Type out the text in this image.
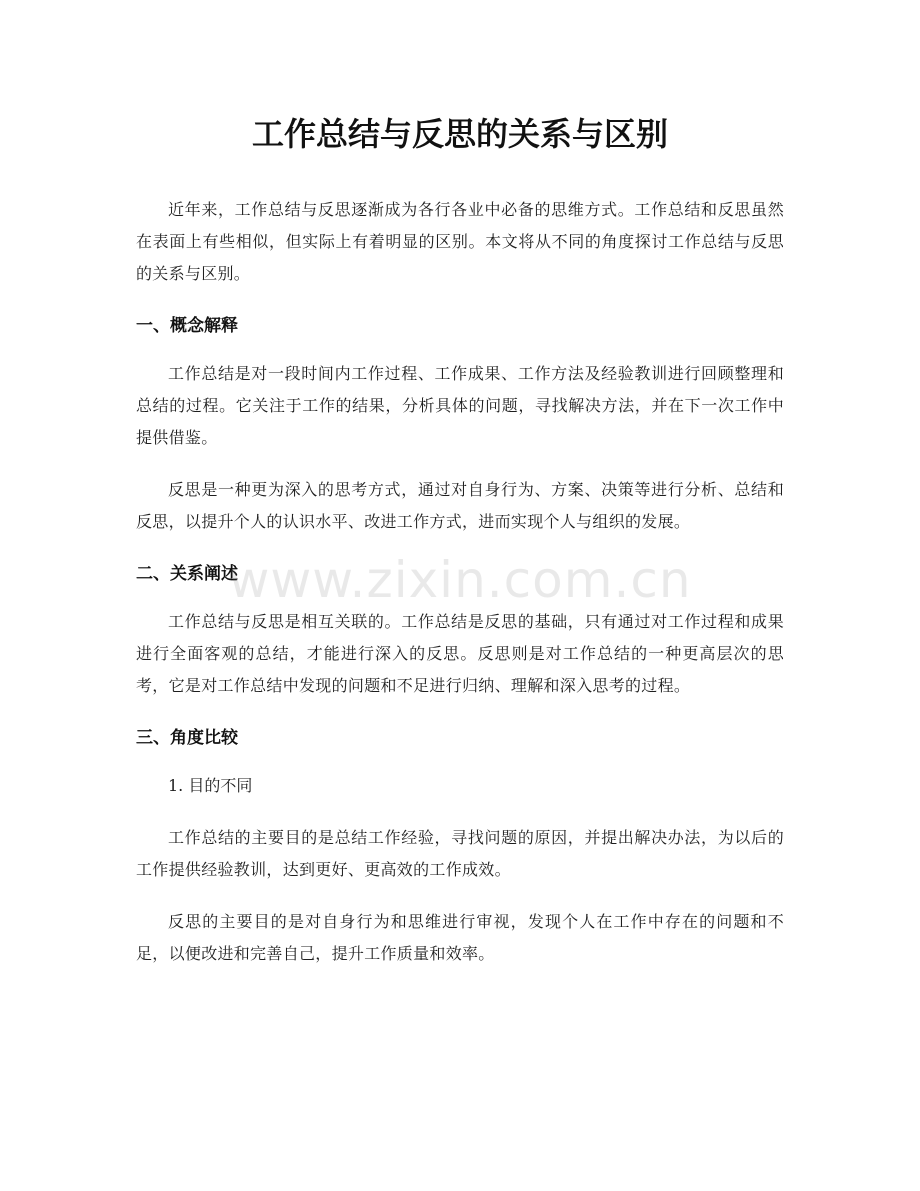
工作总结与反思的关系与区别

近年来，工作总结与反思逐渐成为各行各业中必备的思维方式。工作总结和反思虽然在表面上有些相似，但实际上有着明显的区别。本文将从不同的角度探讨工作总结与反思的关系与区别。

一、概念解释

工作总结是对一段时间内工作过程、工作成果、工作方法及经验教训进行回顾整理和总结的过程。它关注于工作的结果，分析具体的问题，寻找解决方法，并在下一次工作中提供借鉴。

反思是一种更为深入的思考方式，通过对自身行为、方案、决策等进行分析、总结和反思，以提升个人的认识水平、改进工作方式，进而实现个人与组织的发展。

二、关系阐述

工作总结与反思是相互关联的。工作总结是反思的基础，只有通过对工作过程和成果进行全面客观的总结，才能进行深入的反思。反思则是对工作总结的一种更高层次的思考，它是对工作总结中发现的问题和不足进行归纳、理解和深入思考的过程。

三、角度比较
1. 目的不同

工作总结的主要目的是总结工作经验，寻找问题的原因，并提出解决办法，为以后的工作提供经验教训，达到更好、更高效的工作成效。

反思的主要目的是对自身行为和思维进行审视，发现个人在工作中存在的问题和不足，以便改进和完善自己，提升工作质量和效率。

www.zixin.com.cn
